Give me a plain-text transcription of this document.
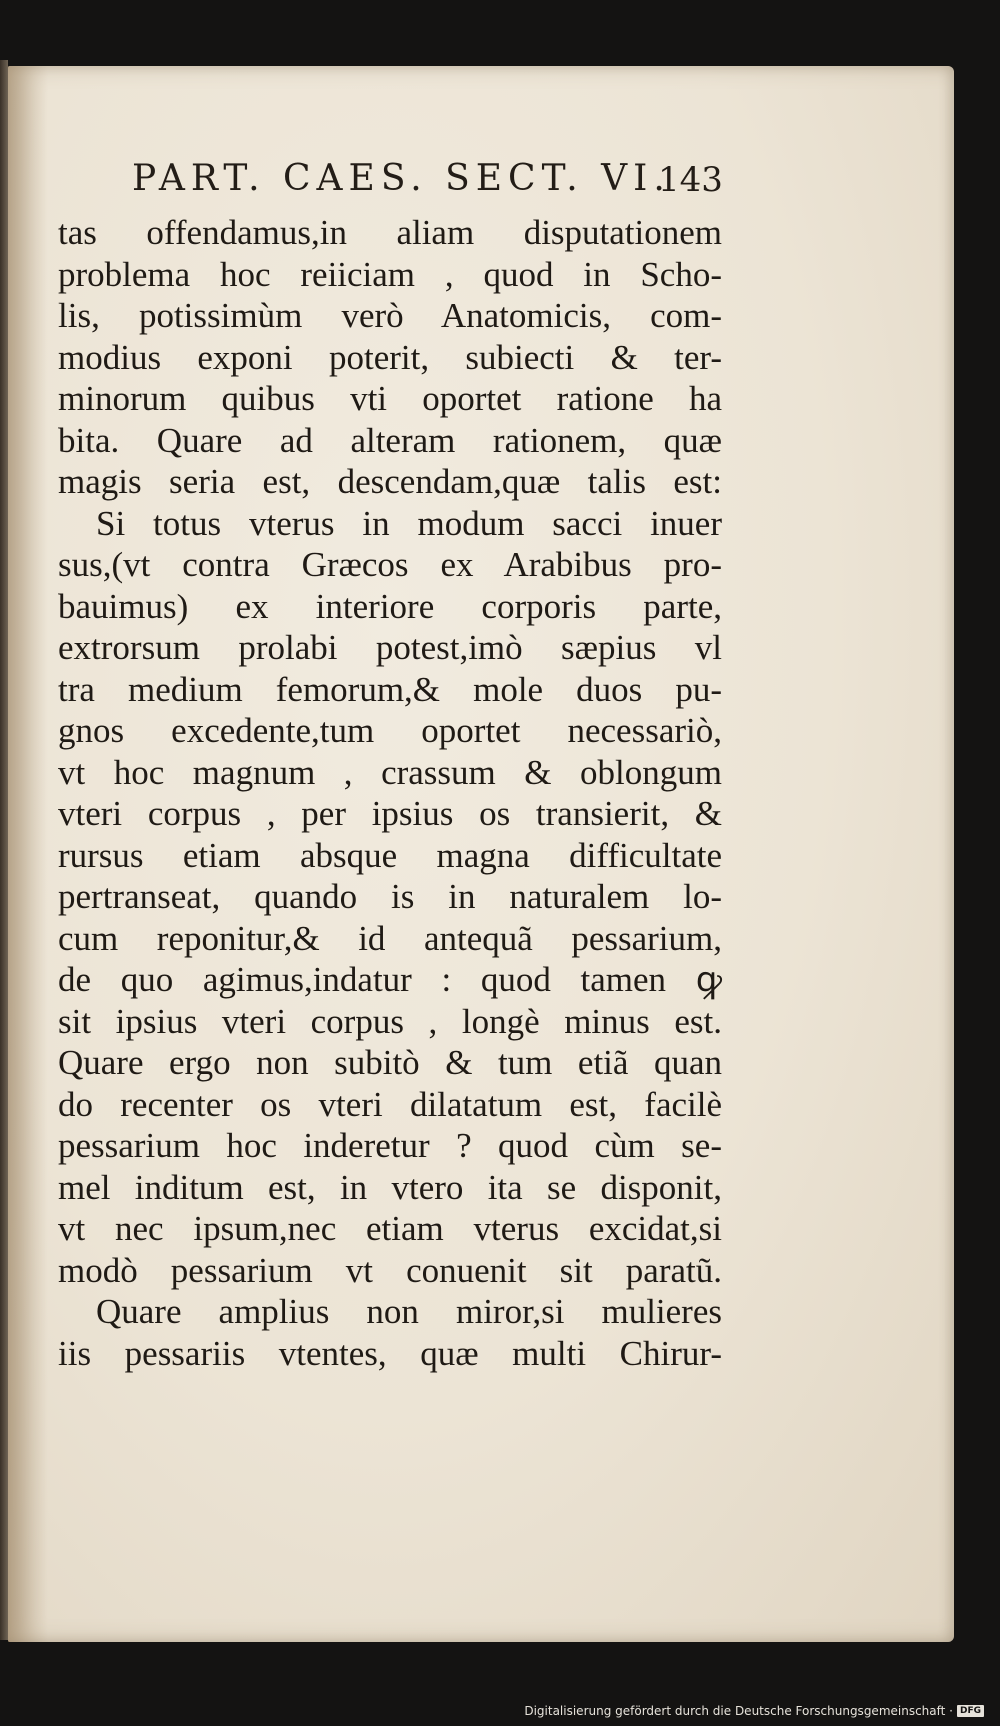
PART. CAES. SECT. VI.
143
tas offendamus,in aliam disputationem
problema hoc reiiciam , quod in Scho-
lis, potissimùm verò Anatomicis, com-
modius exponi poterit, subiecti & ter-
minorum quibus vti oportet ratione ha
bita. Quare ad alteram rationem, quæ
magis seria est, descendam,quæ talis est:
Si totus vterus in modum sacci inuer
sus,(vt contra Græcos ex Arabibus pro-
bauimus) ex interiore corporis parte,
extrorsum prolabi potest,imò sæpius vl
tra medium femorum,& mole duos pu-
gnos excedente,tum oportet necessariò,
vt hoc magnum , crassum & oblongum
vteri corpus , per ipsius os transierit, &
rursus etiam absque magna difficultate
pertranseat, quando is in naturalem lo-
cum reponitur,& id antequã pessarium,
de quo agimus,indatur : quod tamen ꝙ
sit ipsius vteri corpus , longè minus est.
Quare ergo non subitò & tum etiã quan
do recenter os vteri dilatatum est, facilè
pessarium hoc inderetur ? quod cùm se-
mel inditum est, in vtero ita se disponit,
vt nec ipsum,nec etiam vterus excidat,si
modò pessarium vt conuenit sit paratũ.
Quare amplius non miror,si mulieres
iis pessariis vtentes, quæ multi Chirur-
Digitalisierung gefördert durch die Deutsche Forschungsgemeinschaft · DFG
